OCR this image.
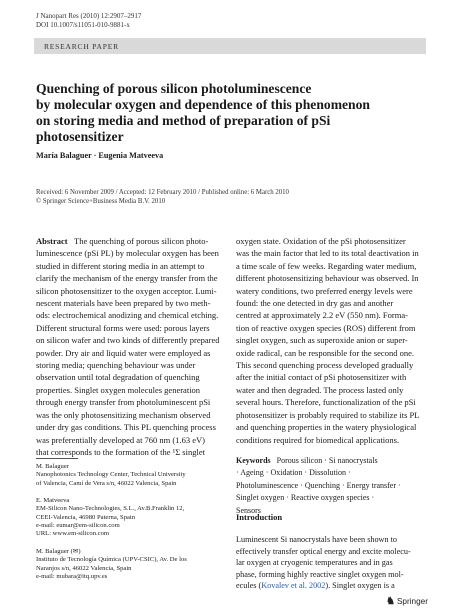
J Nanopart Res (2010) 12:2907–2917
DOI 10.1007/s11051-010-9881-x
RESEARCH PAPER
Quenching of porous silicon photoluminescence
by molecular oxygen and dependence of this phenomenon
on storing media and method of preparation of pSi
photosensitizer
María Balaguer · Eugenia Matveeva
Received: 6 November 2009 / Accepted: 12 February 2010 / Published online: 6 March 2010
© Springer Science+Business Media B.V. 2010
Abstract The quenching of porous silicon photo-
luminescence (pSi PL) by molecular oxygen has been
studied in different storing media in an attempt to
clarify the mechanism of the energy transfer from the
silicon photosensitizer to the oxygen acceptor. Lumi-
nescent materials have been prepared by two meth-
ods: electrochemical anodizing and chemical etching.
Different structural forms were used: porous layers
on silicon wafer and two kinds of differently prepared
powder. Dry air and liquid water were employed as
storing media; quenching behaviour was under
observation until total degradation of quenching
properties. Singlet oxygen molecules generation
through energy transfer from photoluminescent pSi
was the only photosensitizing mechanism observed
under dry gas conditions. This PL quenching process
was preferentially developed at 760 nm (1.63 eV)
that corresponds to the formation of the ¹Σ singlet
oxygen state. Oxidation of the pSi photosensitizer
was the main factor that led to its total deactivation in
a time scale of few weeks. Regarding water medium,
different photosensitizing behaviour was observed. In
watery conditions, two preferred energy levels were
found: the one detected in dry gas and another
centred at approximately 2.2 eV (550 nm). Forma-
tion of reactive oxygen species (ROS) different from
singlet oxygen, such as superoxide anion or super-
oxide radical, can be responsible for the second one.
This second quenching process developed gradually
after the initial contact of pSi photosensitizer with
water and then degraded. The process lasted only
several hours. Therefore, functionalization of the pSi
photosensitizer is probably required to stabilize its PL
and quenching properties in the watery physiological
conditions required for biomedical applications.
M. Balaguer
Nanophotonics Technology Center, Technical University
of Valencia, Camí de Vera s/n, 46022 Valencia, Spain
E. Matveeva
EM-Silicon Nano-Technologies, S.L., Av.B.Franklin 12,
CEEI-Valencia, 46980 Paterna, Spain
e-mail: eumar@em-silicon.com
URL: www.em-silicon.com
M. Balaguer (✉)
Instituto de Tecnología Química (UPV-CSIC), Av. De los
Naranjos s/n, 46022 Valencia, Spain
e-mail: mubara@itq.upv.es
Keywords Porous silicon · Si nanocrystals
· Ageing · Oxidation · Dissolution ·
Photoluminescence · Quenching · Energy transfer ·
Singlet oxygen · Reactive oxygen species ·
Sensors
Introduction
Luminescent Si nanocrystals have been shown to
effectively transfer optical energy and excite molecu-
lar oxygen at cryogenic temperatures and in gas
phase, forming highly reactive singlet oxygen mol-
ecules (Kovalev et al. 2002). Singlet oxygen is a
♞ Springer
